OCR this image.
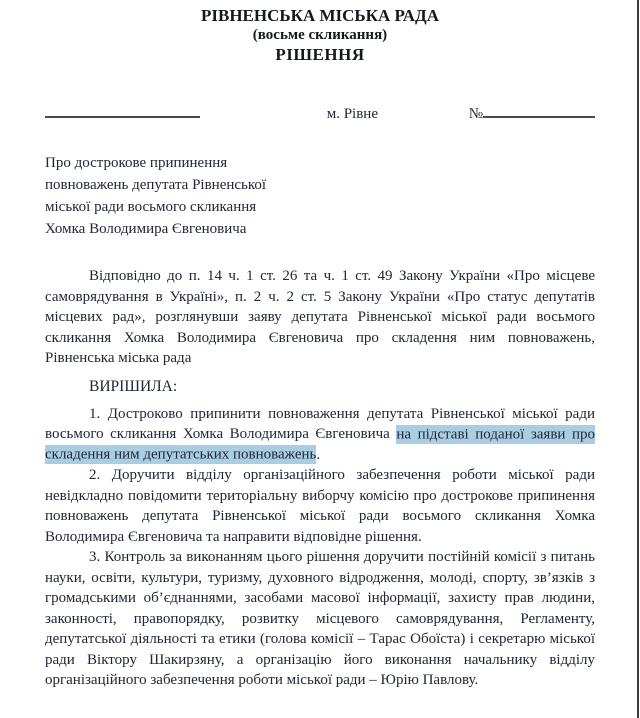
РІВНЕНСЬКА МІСЬКА РАДА
(восьме скликання)
РІШЕННЯ
м. Рівне	№
Про дострокове припинення
повноважень депутата Рівненської
міської ради восьмого скликання
Хомка Володимира Євгеновича

Відповідно до п. 14 ч. 1 ст. 26 та ч. 1 ст. 49 Закону України «Про місцеве самоврядування в Україні», п. 2 ч. 2 ст. 5 Закону України «Про статус депутатів місцевих рад», розглянувши заяву депутата Рівненської міської ради восьмого скликання Хомка Володимира Євгеновича про складення ним повноважень, Рівненська міська рада

ВИРІШИЛА:

1. Достроково припинити повноваження депутата Рівненської міської ради восьмого скликання Хомка Володимира Євгеновича на підставі поданої заяви про складення ним депутатських повноважень.

2. Доручити відділу організаційного забезпечення роботи міської ради невідкладно повідомити територіальну виборчу комісію про дострокове припинення повноважень депутата Рівненської міської ради восьмого скликання Хомка Володимира Євгеновича та направити відповідне рішення.

3. Контроль за виконанням цього рішення доручити постійній комісії з питань науки, освіти, культури, туризму, духовного відродження, молоді, спорту, зв’язків з громадськими об’єднаннями, засобами масової інформації, захисту прав людини, законності, правопорядку, розвитку місцевого самоврядування, Регламенту, депутатської діяльності та етики (голова комісії – Тарас Обоїста) і секретарю міської ради Віктору Шакирзяну, а організацію його виконання начальнику відділу організаційного забезпечення роботи міської ради – Юрію Павлову.
